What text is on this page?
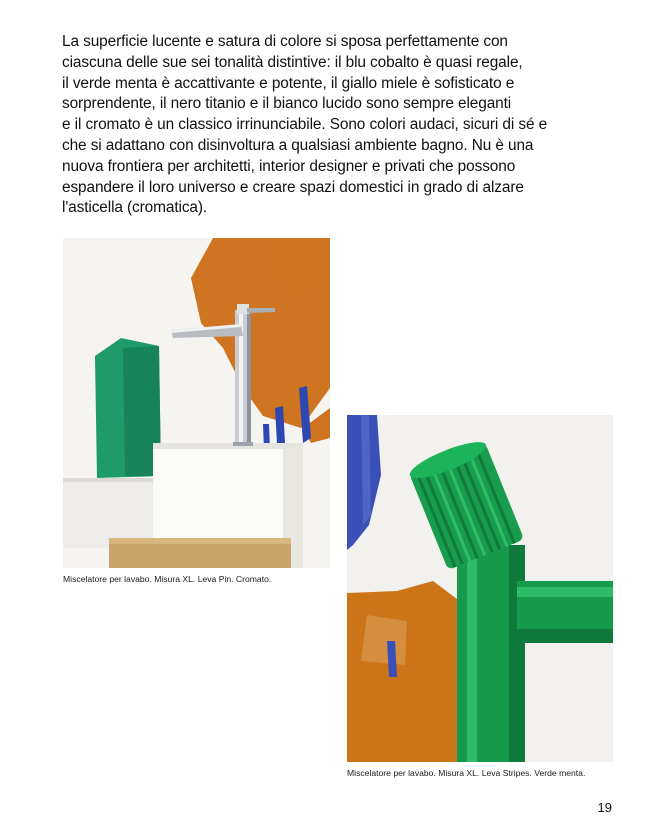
La superficie lucente e satura di colore si sposa perfettamente con
ciascuna delle sue sei tonalità distintive: il blu cobalto è quasi regale,
il verde menta è accattivante e potente, il giallo miele è sofisticato e
sorprendente, il nero titanio e il bianco lucido sono sempre eleganti
e il cromato è un classico irrinunciabile. Sono colori audaci, sicuri di sé e
che si adattano con disinvoltura a qualsiasi ambiente bagno. Nu è una
nuova frontiera per architetti, interior designer e privati che possono
espandere il loro universo e creare spazi domestici in grado di alzare
l'asticella (cromatica).

Miscelatore per lavabo. Misura XL. Leva Pin. Cromato.

Miscelatore per lavabo. Misura XL. Leva Stripes. Verde menta.

19
